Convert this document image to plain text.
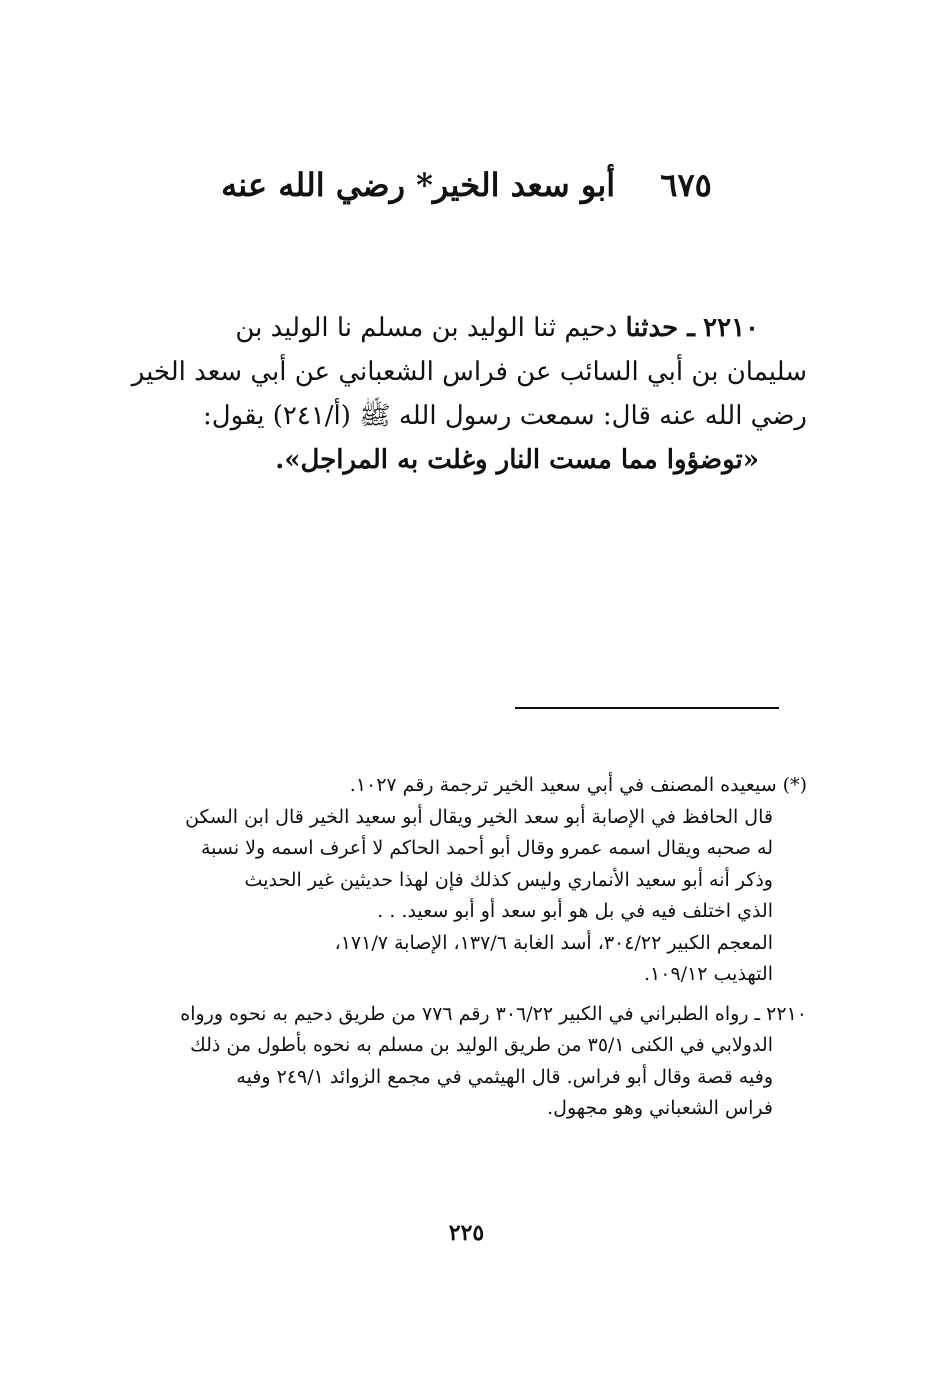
٦٧٥ أبو سعد الخير* رضي الله عنه
٢٢١٠ ـ حدثنا دحيم ثنا الوليد بن مسلم نا الوليد بن
سليمان بن أبي السائب عن فراس الشعباني عن أبي سعد الخير
رضي الله عنه قال: سمعت رسول الله ﷺ (أ/٢٤١) يقول:
«توضؤوا مما مست النار وغلت به المراجل».
(*) سيعيده المصنف في أبي سعيد الخير ترجمة رقم ١٠٢٧.
قال الحافظ في الإصابة أبو سعد الخير ويقال أبو سعيد الخير قال ابن السكن
له صحبه ويقال اسمه عمرو وقال أبو أحمد الحاكم لا أعرف اسمه ولا نسبة
وذكر أنه أبو سعيد الأنماري وليس كذلك فإن لهذا حديثين غير الحديث
الذي اختلف فيه في بل هو أبو سعد أو أبو سعيد. . .
المعجم الكبير ٣٠٤/٢٢، أسد الغابة ١٣٧/٦، الإصابة ١٧١/٧،
التهذيب ١٠٩/١٢.
٢٢١٠ ـ رواه الطبراني في الكبير ٣٠٦/٢٢ رقم ٧٧٦ من طريق دحيم به نحوه ورواه
الدولابي في الكنى ٣٥/١ من طريق الوليد بن مسلم به نحوه بأطول من ذلك
وفيه قصة وقال أبو فراس. قال الهيثمي في مجمع الزوائد ٢٤٩/١ وفيه
فراس الشعباني وهو مجهول.
٢٢٥
